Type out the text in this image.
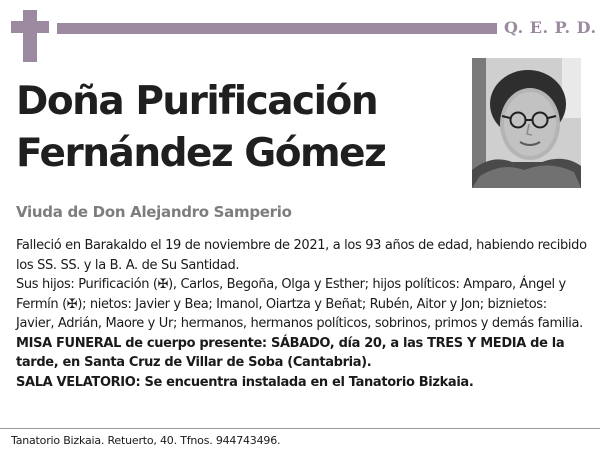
Q. E. P. D.
Doña Purificación
Fernández Gómez
Viuda de Don Alejandro Samperio

Falleció en Barakaldo el 19 de noviembre de 2021, a los 93 años de edad, habiendo recibido los SS. SS. y la B. A. de Su Santidad.

Sus hijos: Purificación (✠), Carlos, Begoña, Olga y Esther; hijos políticos: Amparo, Ángel y Fermín (✠); nietos: Javier y Bea; Imanol, Oiartza y Beñat; Rubén, Aitor y Jon; biznietos: Javier, Adrián, Maore y Ur; hermanos, hermanos políticos, sobrinos, primos y demás familia.

MISA FUNERAL de cuerpo presente: SÁBADO, día 20, a las TRES Y MEDIA de la tarde, en Santa Cruz de Villar de Soba (Cantabria).

SALA VELATORIO: Se encuentra instalada en el Tanatorio Bizkaia.

Tanatorio Bizkaia. Retuerto, 40. Tfnos. 944743496.
